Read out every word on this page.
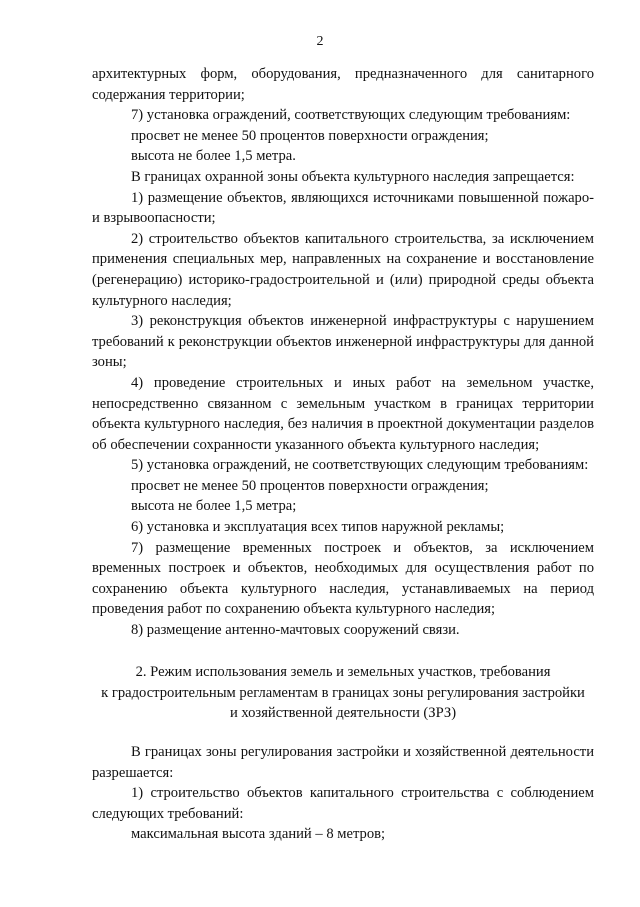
2

архитектурных форм, оборудования, предназначенного для санитарного содержания территории;

7) установка ограждений, соответствующих следующим требованиям:

просвет не менее 50 процентов поверхности ограждения;

высота не более 1,5 метра.

В границах охранной зоны объекта культурного наследия запрещается:

1) размещение объектов, являющихся источниками повышенной пожаро- и взрывоопасности;

2) строительство объектов капитального строительства, за исключением применения специальных мер, направленных на сохранение и восстановление (регенерацию) историко-градостроительной и (или) природной среды объекта культурного наследия;

3) реконструкция объектов инженерной инфраструктуры с нарушением требований к реконструкции объектов инженерной инфраструктуры для данной зоны;

4) проведение строительных и иных работ на земельном участке, непосредственно связанном с земельным участком в границах территории объекта культурного наследия, без наличия в проектной документации разделов об обеспечении сохранности указанного объекта культурного наследия;

5) установка ограждений, не соответствующих следующим требованиям:

просвет не менее 50 процентов поверхности ограждения;

высота не более 1,5 метра;

6) установка и эксплуатация всех типов наружной рекламы;

7) размещение временных построек и объектов, за исключением временных построек и объектов, необходимых для осуществления работ по сохранению объекта культурного наследия, устанавливаемых на период проведения работ по сохранению объекта культурного наследия;

8) размещение антенно-мачтовых сооружений связи.

2. Режим использования земель и земельных участков, требования

к градостроительным регламентам в границах зоны регулирования застройки

и хозяйственной деятельности (ЗРЗ)

В границах зоны регулирования застройки и хозяйственной деятельности разрешается:

1) строительство объектов капитального строительства с соблюдением следующих требований:

максимальная высота зданий – 8 метров;
